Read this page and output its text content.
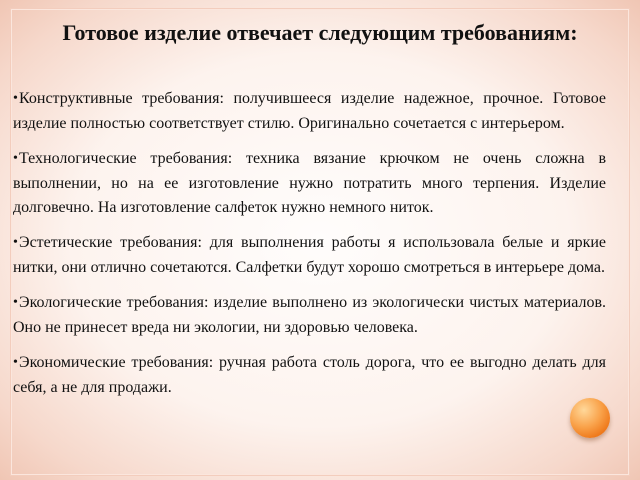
Готовое изделие отвечает следующим требованиям:

•Конструктивные требования: получившееся изделие надежное, прочное. Готовое изделие полностью соответствует стилю. Оригинально сочетается с интерьером.

•Технологические требования: техника вязание крючком не очень сложна в выполнении, но на ее изготовление нужно потратить много терпения. Изделие долговечно. На изготовление салфеток нужно немного ниток.

•Эстетические требования: для выполнения работы я использовала белые и яркие нитки, они отлично сочетаются. Салфетки будут хорошо смотреться в интерьере дома.

•Экологические требования: изделие выполнено из экологически чистых материалов. Оно не принесет вреда ни экологии, ни здоровью человека.

•Экономические требования: ручная работа столь дорога, что ее выгодно делать для себя, а не для продажи.
